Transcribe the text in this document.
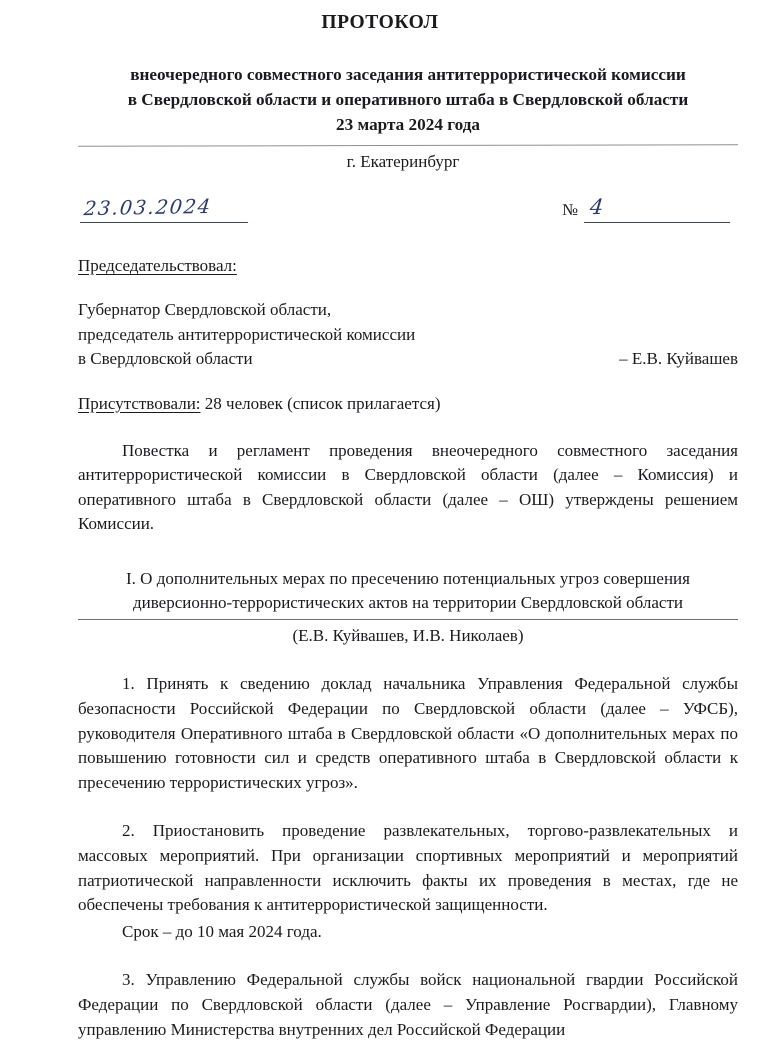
ПРОТОКОЛ
внеочередного совместного заседания антитеррористической комиссии
в Свердловской области и оперативного штаба в Свердловской области
23 марта 2024 года
г. Екатеринбург
23.03.2024	№ 4
Председательствовал:
Губернатор Свердловской области,
председатель антитеррористической комиссии
в Свердловской области	– Е.В. Куйвашев
Присутствовали: 28 человек (список прилагается)

Повестка и регламент проведения внеочередного совместного заседания антитеррористической комиссии в Свердловской области (далее – Комиссия) и оперативного штаба в Свердловской области (далее – ОШ) утверждены решением Комиссии.

I. О дополнительных мерах по пресечению потенциальных угроз совершения
диверсионно-террористических актов на территории Свердловской области
(Е.В. Куйвашев, И.В. Николаев)

1. Принять к сведению доклад начальника Управления Федеральной службы безопасности Российской Федерации по Свердловской области (далее – УФСБ), руководителя Оперативного штаба в Свердловской области «О дополнительных мерах по повышению готовности сил и средств оперативного штаба в Свердловской области к пресечению террористических угроз».

2. Приостановить проведение развлекательных, торгово-развлекательных и массовых мероприятий. При организации спортивных мероприятий и мероприятий патриотической направленности исключить факты их проведения в местах, где не обеспечены требования к антитеррористической защищенности.

Срок – до 10 мая 2024 года.

3. Управлению Федеральной службы войск национальной гвардии Российской Федерации по Свердловской области (далее – Управление Росгвардии), Главному управлению Министерства внутренних дел Российской Федерации
